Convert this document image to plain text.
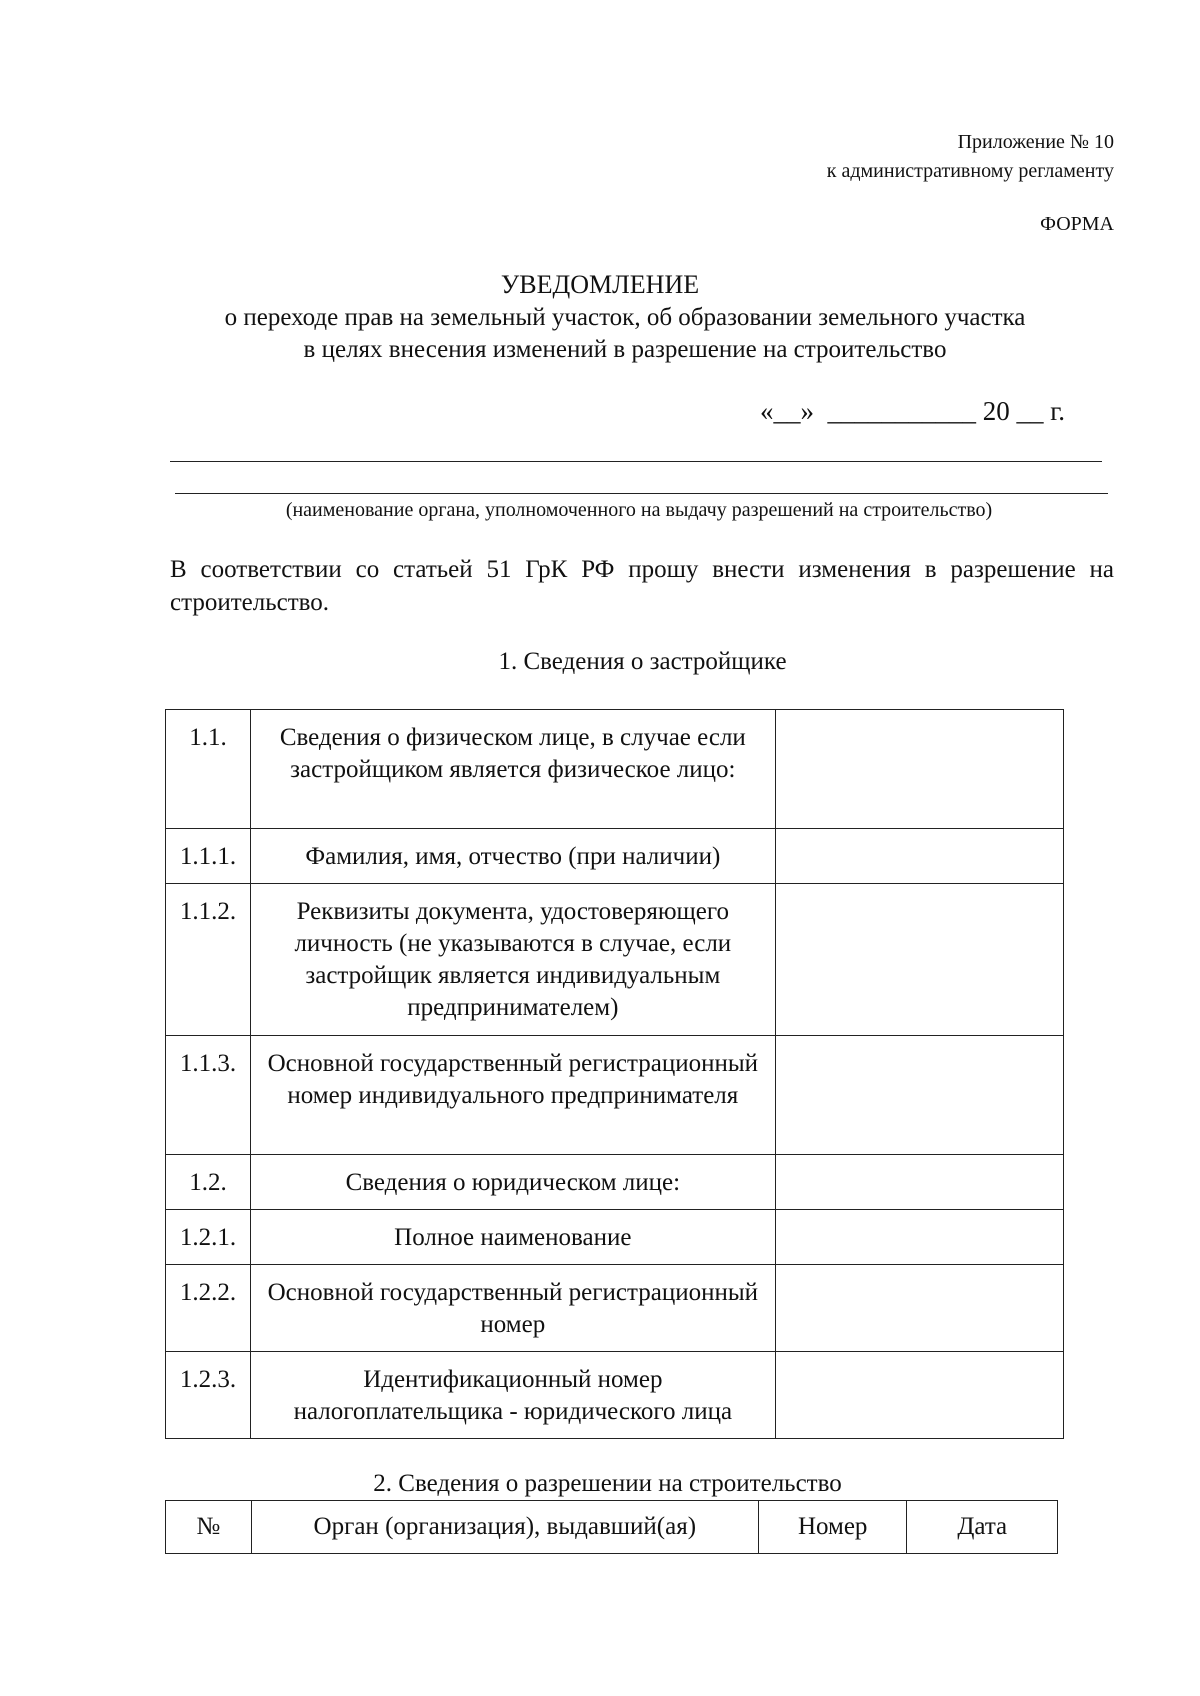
Приложение № 10
к административному регламенту
ФОРМА
УВЕДОМЛЕНИЕ
о переходе прав на земельный участок, об образовании земельного участка
в целях внесения изменений в разрешение на строительство
«__»  ___________ 20 __ г.
(наименование органа, уполномоченного на выдачу разрешений на строительство)
В соответствии со статьей 51 ГрК РФ прошу внести изменения в разрешение на строительство.
1. Сведения о застройщике
1.1.	Сведения о физическом лице, в случае если застройщиком является физическое лицо:	
1.1.1.	Фамилия, имя, отчество (при наличии)	
1.1.2.	Реквизиты документа, удостоверяющего личность (не указываются в случае, если застройщик является индивидуальным предпринимателем)	
1.1.3.	Основной государственный регистрационный номер индивидуального предпринимателя	
1.2.	Сведения о юридическом лице:	
1.2.1.	Полное наименование	
1.2.2.	Основной государственный регистрационный номер	
1.2.3.	Идентификационный номер налогоплательщика - юридического лица	
2. Сведения о разрешении на строительство
№	Орган (организация), выдавший(ая)	Номер	Дата
